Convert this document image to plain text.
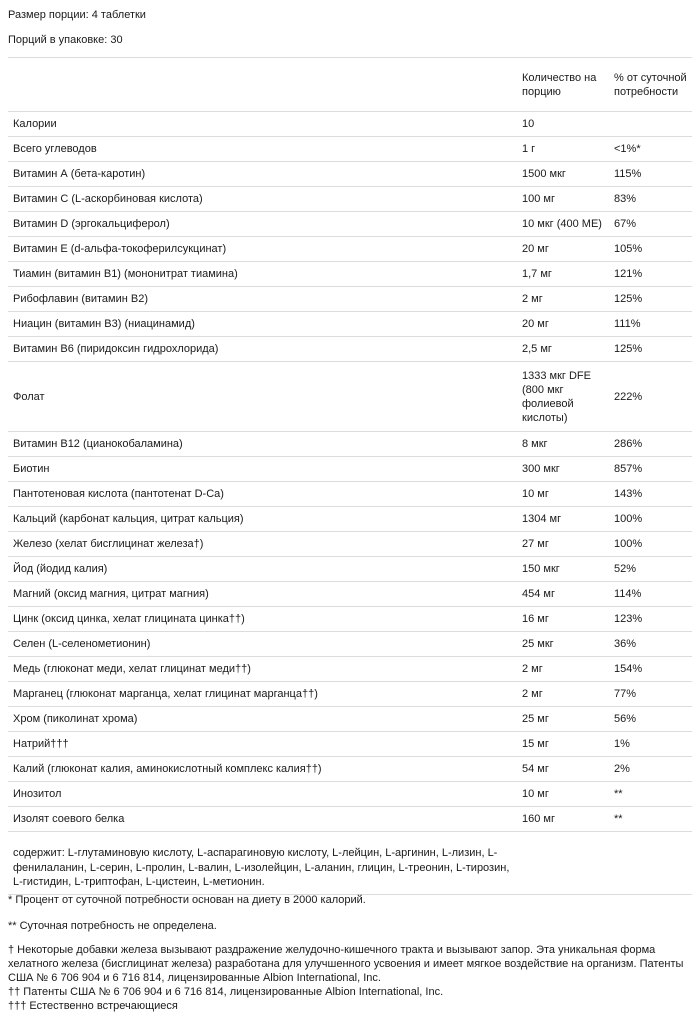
Размер порции: 4 таблетки
Порций в упаковке: 30
	Количество на порцию	% от суточной потребности
Калории	10	
Всего углеводов	1 г	<1%*
Витамин А (бета-каротин)	1500 мкг	115%
Витамин С (L-аскорбиновая кислота)	100 мг	83%
Витамин D (эргокальциферол)	10 мкг (400 МЕ)	67%
Витамин Е (d-альфа-токоферилсукцинат)	20 мг	105%
Тиамин (витамин В1) (мононитрат тиамина)	1,7 мг	121%
Рибофлавин (витамин В2)	2 мг	125%
Ниацин (витамин В3) (ниацинамид)	20 мг	111%
Витамин В6 (пиридоксин гидрохлорида)	2,5 мг	125%
Фолат	1333 мкг DFE (800 мкг фолиевой кислоты)	222%
Витамин В12 (цианокобаламина)	8 мкг	286%
Биотин	300 мкг	857%
Пантотеновая кислота (пантотенат D-Ca)	10 мг	143%
Кальций (карбонат кальция, цитрат кальция)	1304 мг	100%
Железо (хелат бисглицинат железа†)	27 мг	100%
Йод (йодид калия)	150 мкг	52%
Магний (оксид магния, цитрат магния)	454 мг	114%
Цинк (оксид цинка, хелат глицината цинка††)	16 мг	123%
Селен (L-селенометионин)	25 мкг	36%
Медь (глюконат меди, хелат глицинат меди††)	2 мг	154%
Марганец (глюконат марганца, хелат глицинат марганца††)	2 мг	77%
Хром (пиколинат хрома)	25 мг	56%
Натрий†††	15 мг	1%
Калий (глюконат калия, аминокислотный комплекс калия††)	54 мг	2%
Инозитол	10 мг	**
Изолят соевого белка	160 мг	**

содержит: L-глутаминовую кислоту, L-аспарагиновую кислоту, L-лейцин, L-аргинин, L-лизин, L-фенилаланин, L-серин, L-пролин, L-валин, L-изолейцин, L-аланин, глицин, L-треонин, L-тирозин, L-гистидин, L-триптофан, L-цистеин, L-метионин.		

* Процент от суточной потребности основан на диету в 2000 калорий.
** Суточная потребность не определена.
† Некоторые добавки железа вызывают раздражение желудочно-кишечного тракта и вызывают запор. Эта уникальная форма хелатного железа (бисглицинат железа) разработана для улучшенного усвоения и имеет мягкое воздействие на организм. Патенты США № 6 706 904 и 6 716 814, лицензированные Albion International, Inc.
†† Патенты США № 6 706 904 и 6 716 814, лицензированные Albion International, Inc.
††† Естественно встречающиеся
